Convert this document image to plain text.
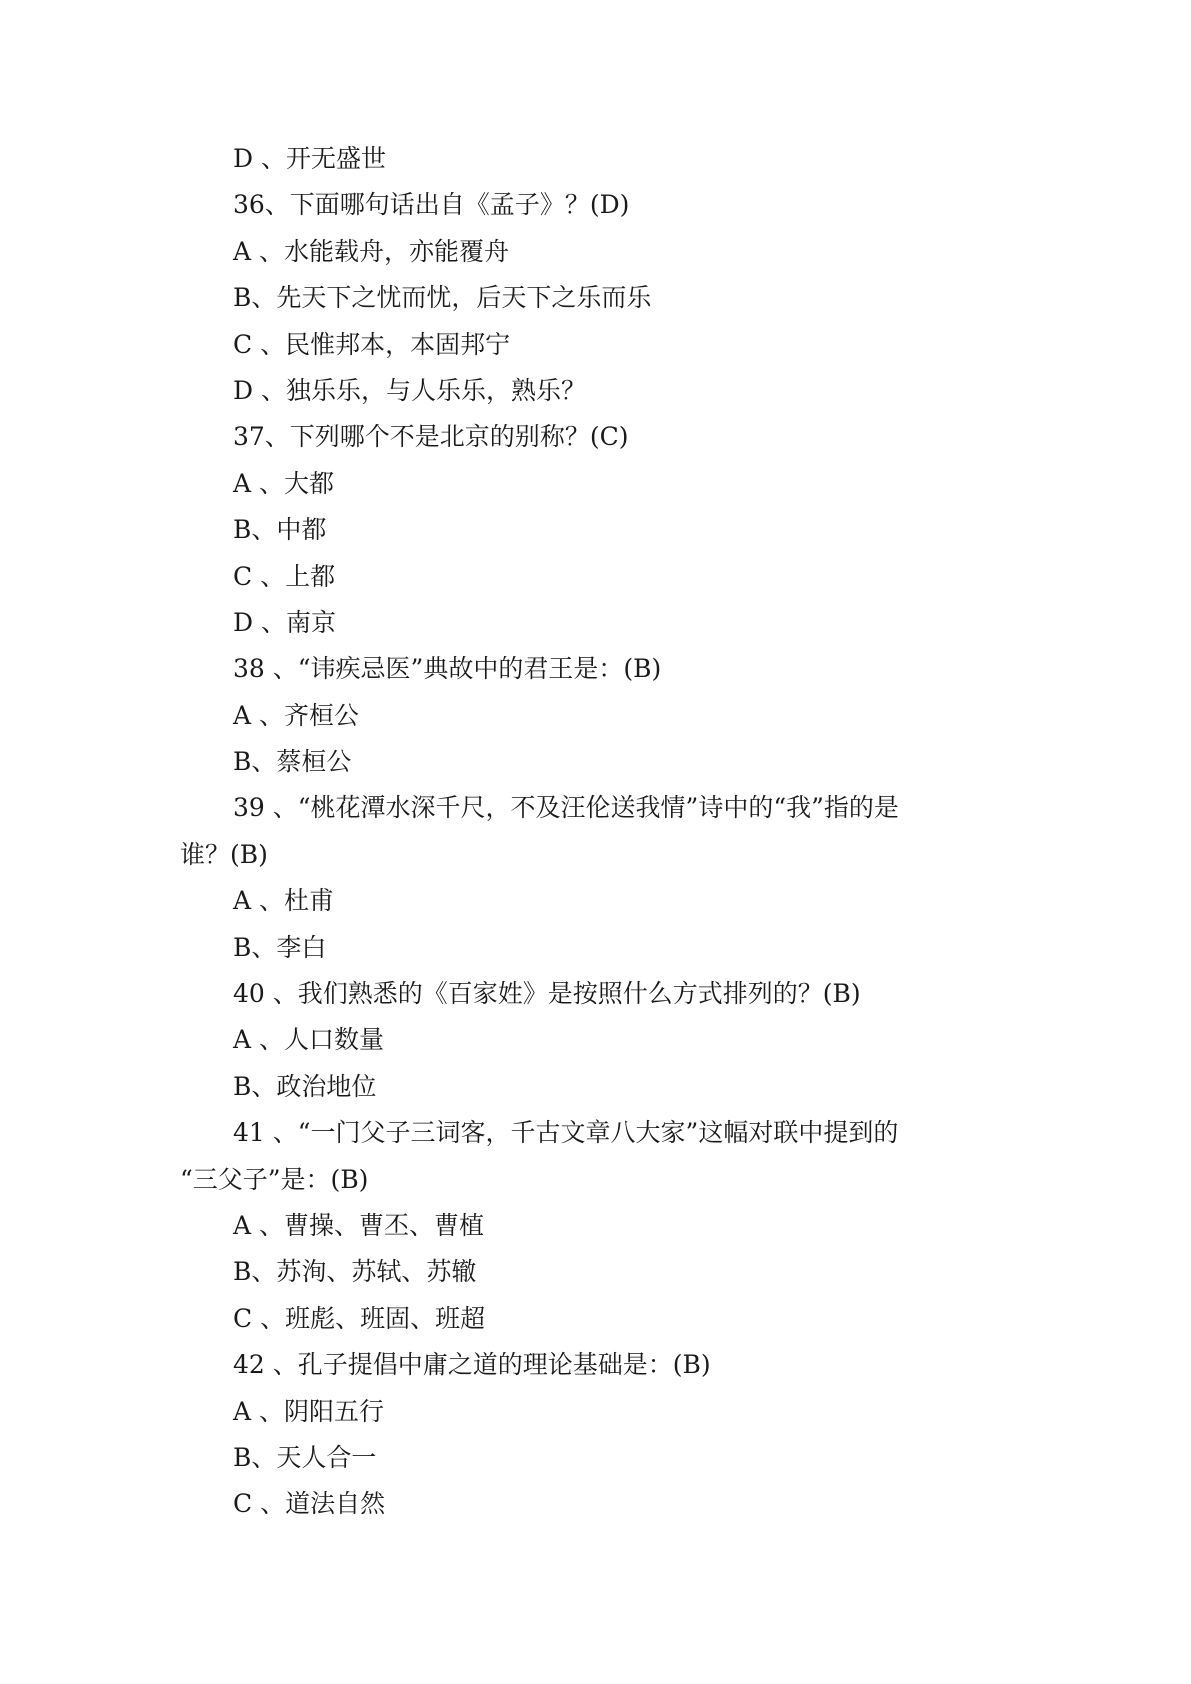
D 、开无盛世

36、下面哪句话出自《孟子》？(D)

A 、水能载舟，亦能覆舟

B、先天下之忧而忧，后天下之乐而乐

C 、民惟邦本，本固邦宁

D 、独乐乐，与人乐乐，熟乐？

37、下列哪个不是北京的别称？(C)

A 、大都

B、中都

C 、上都

D 、南京

38 、“讳疾忌医”典故中的君王是：(B)

A 、齐桓公

B、蔡桓公

39 、“桃花潭水深千尺，不及汪伦送我情”诗中的“我”指的是

谁？(B)

A 、杜甫

B、李白

40 、我们熟悉的《百家姓》是按照什么方式排列的？(B)

A 、人口数量

B、政治地位

41 、“一门父子三词客，千古文章八大家”这幅对联中提到的

“三父子”是：(B)

A 、曹操、曹丕、曹植

B、苏洵、苏轼、苏辙

C 、班彪、班固、班超

42 、孔子提倡中庸之道的理论基础是：(B)

A 、阴阳五行

B、天人合一

C 、道法自然
